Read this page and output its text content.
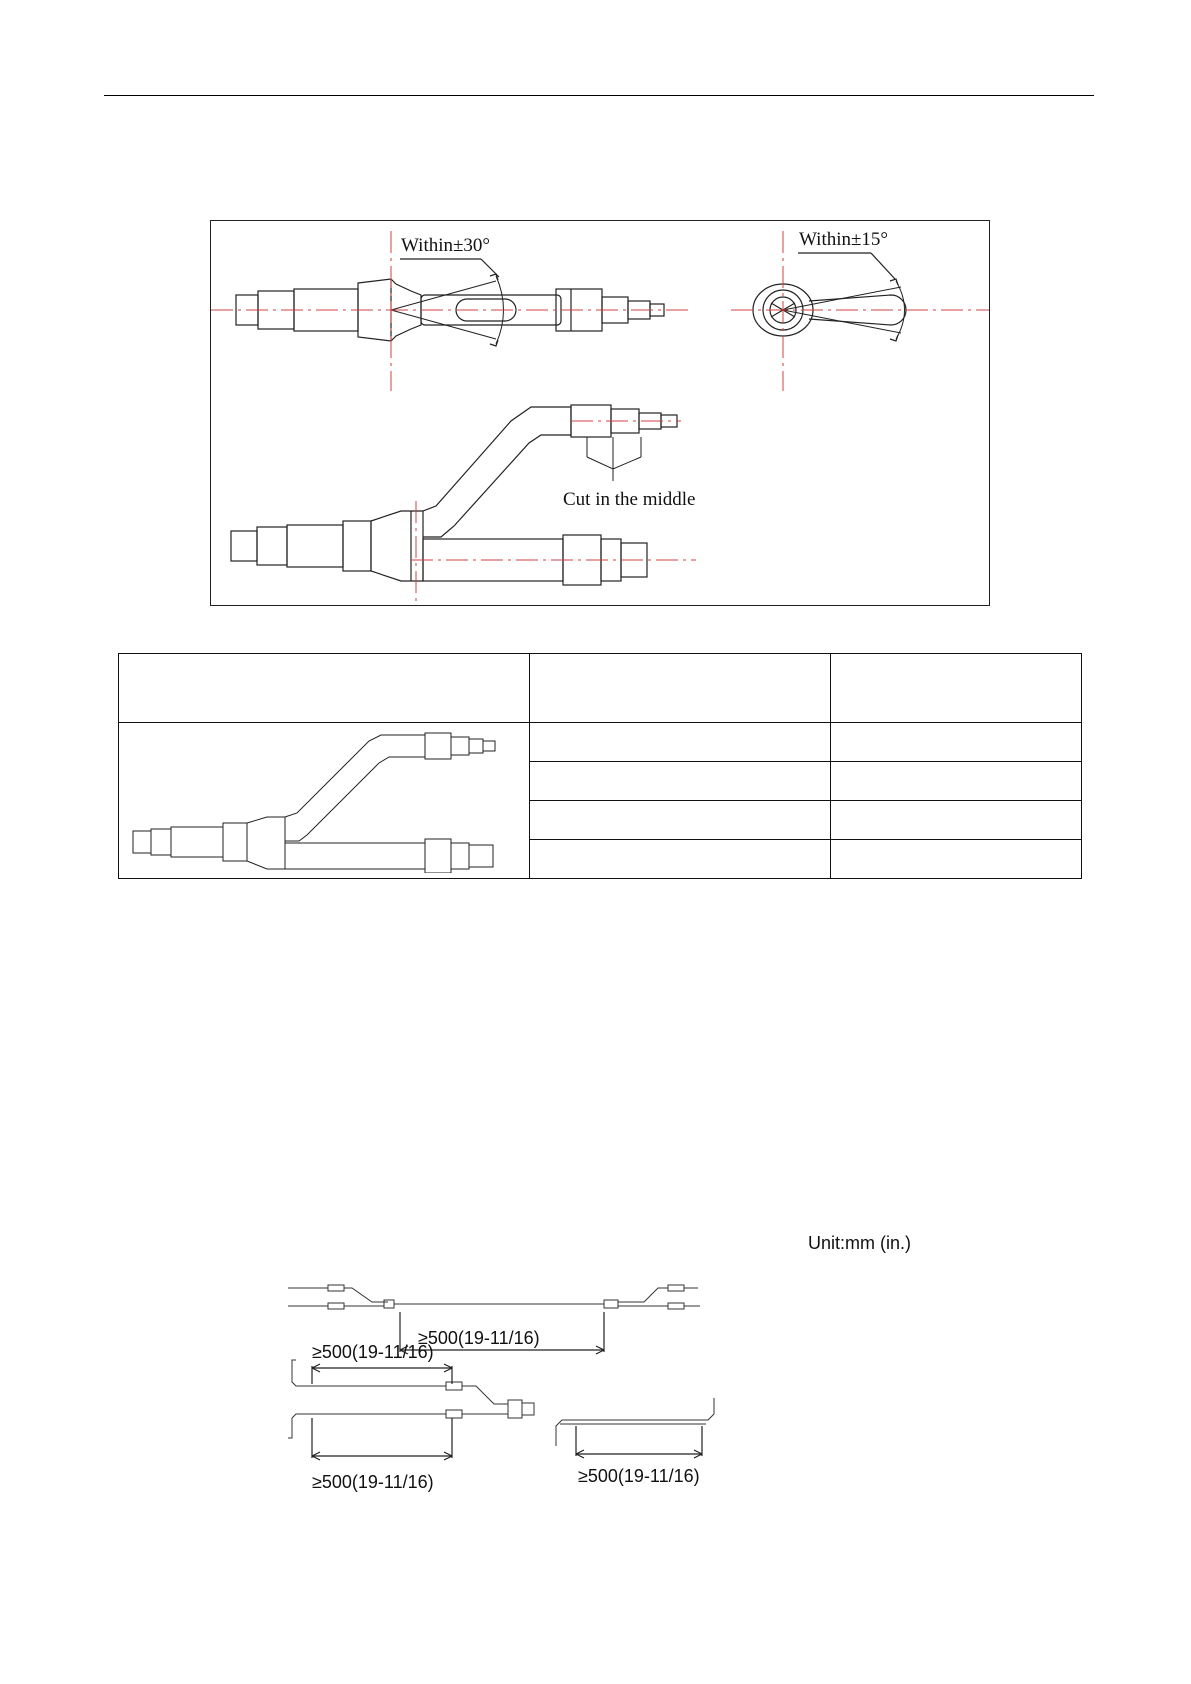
Within±30°	Within±15°
Cut in the middle

Unit:mm (in.)
≥500(19-11/16)
≥500(19-11/16)
≥500(19-11/16)	≥500(19-11/16)
